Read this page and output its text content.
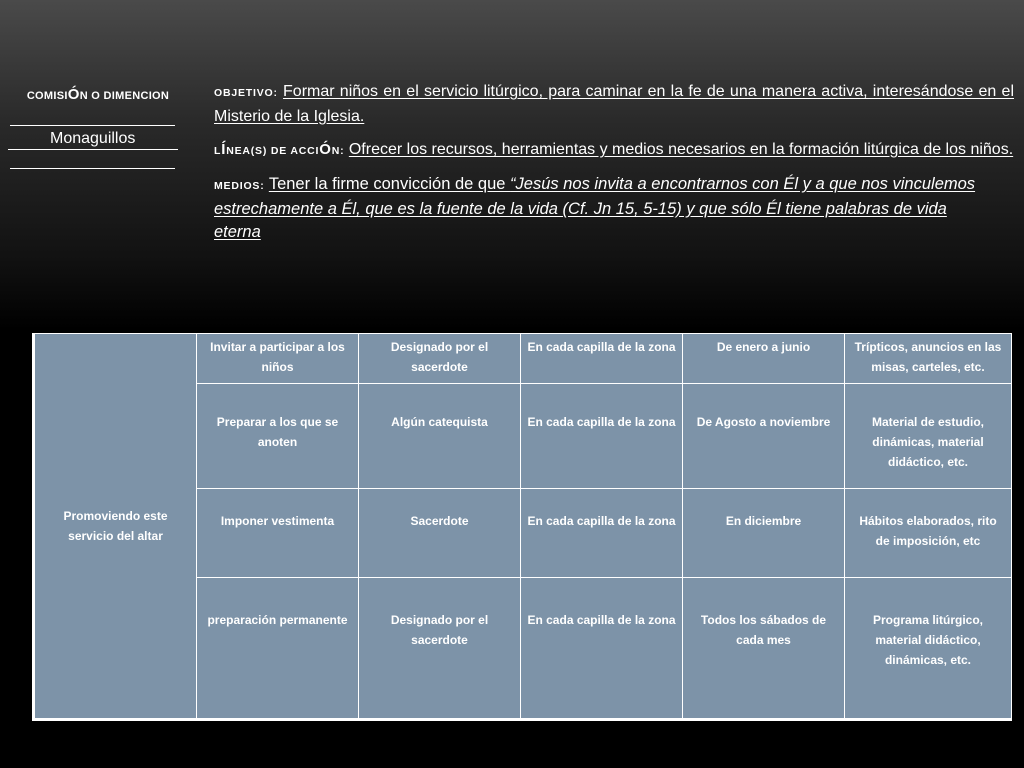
COMISIÓN O DIMENCION
Monaguillos

OBJETIVO: Formar niños en el servicio litúrgico, para caminar en la fe de una manera activa, interesándose en el Misterio de la Iglesia.

LÍNEA(S) DE ACCIÓN: Ofrecer los recursos, herramientas y medios necesarios en la formación litúrgica de los niños.

MEDIOS: Tener la firme convicción de que “Jesús nos invita a encontrarnos con Él y a que nos vinculemos estrechamente a Él, que es la fuente de la vida (Cf. Jn 15, 5-15) y que sólo Él tiene palabras de vida eterna

Promoviendo este servicio del altar	Invitar a participar a los niños	Designado por el sacerdote	En cada capilla de la zona	De enero a junio	Trípticos, anuncios en las misas, carteles, etc.
	Preparar a los que se anoten	Algún catequista	En cada capilla de la zona	De Agosto a noviembre	Material de estudio, dinámicas, material didáctico, etc.
	Imponer vestimenta	Sacerdote	En cada capilla de la zona	En diciembre	Hábitos elaborados, rito de imposición, etc
	preparación permanente	Designado por el sacerdote	En cada capilla de la zona	Todos los sábados de cada mes	Programa litúrgico, material didáctico, dinámicas, etc.
